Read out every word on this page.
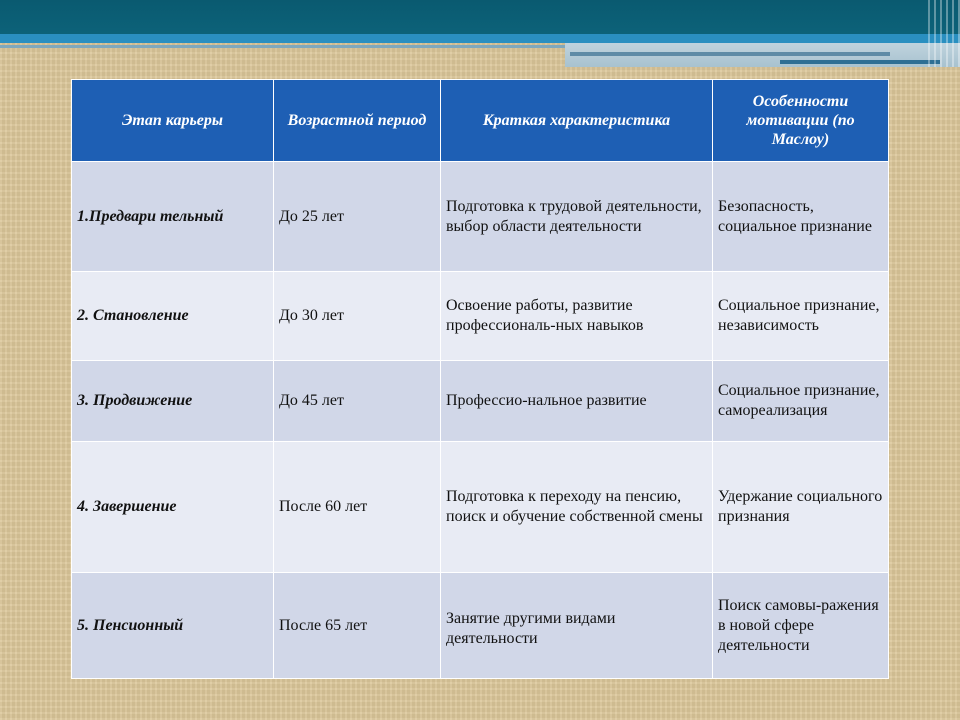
Этап карьеры	Возрастной период	Краткая характеристика	Особенности мотивации (по Маслоу)

1.Предвари тельный	До 25 лет	Подготовка к трудовой деятельности, выбор области деятельности	Безопасность, социальное признание
2. Становление	До 30 лет	Освоение работы, развитие профессиональ-ных навыков	Социальное признание, независимость
3. Продвижение	До 45 лет	Профессио-нальное развитие	Социальное признание, самореализация
4. Завершение	После 60 лет	Подготовка к переходу на пенсию, поиск и обучение собственной смены	Удержание социального признания
5. Пенсионный	После 65 лет	Занятие другими видами деятельности	Поиск самовы-ражения в новой сфере деятельности
